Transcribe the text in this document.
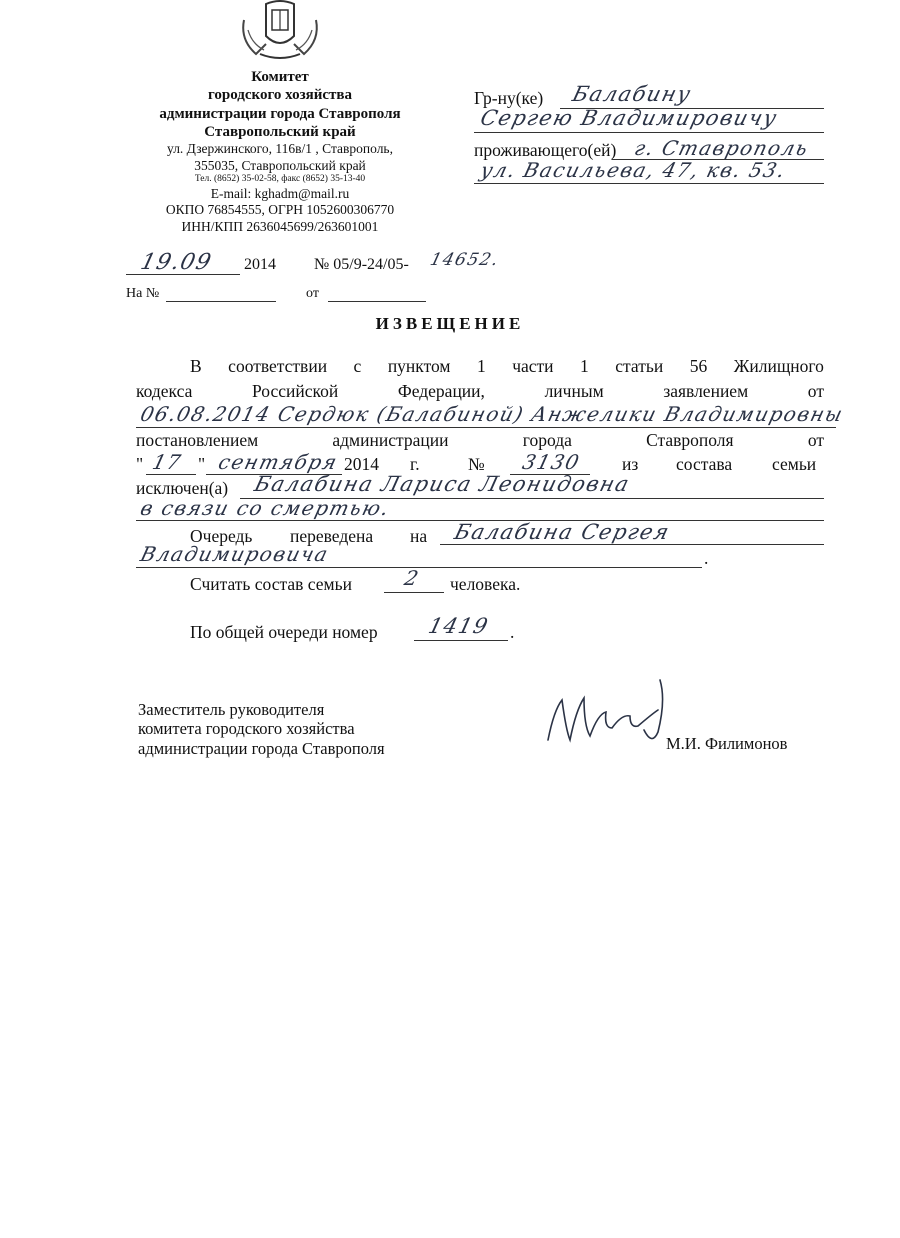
Комитет
городского хозяйства
администрации города Ставрополя
Ставропольский край
ул. Дзержинского, 116в/1 , Ставрополь,
355035, Ставропольский край
Тел. (8652) 35-02-58, факс (8652) 35-13-40
E-mail: kghadm@mail.ru
ОКПО 76854555, ОГРН 1052600306770
ИНН/КПП 2636045699/263601001
Гр-ну(ке) Балабину
Сергею Владимировичу
проживающего(ей) г. Ставрополь
ул. Васильева, 47, кв. 53.
19.09 2014 № 05/9-24/05- 14652.
На №	от
ИЗВЕЩЕНИЕ
В соответствии с пунктом 1 части 1 статьи 56 Жилищного
кодекса	Российской	Федерации,	личным	заявлением	от
06.08.2014 Сердюк (Балабиной) Анжелики Владимировны
постановлением	администрации	города	Ставрополя	от
" 17 " сентября 2014 г.	№ 3130 из состава семьи
исключен(а) Балабина Лариса Леонидовна
в связи со смертью.
Очередь переведена на Балабина Сергея
Владимировича	.
Считать состав семьи	2 человека.
По общей очереди номер 1419 .
Заместитель руководителя
комитета городского хозяйства
администрации города Ставрополя	М.И. Филимонов
